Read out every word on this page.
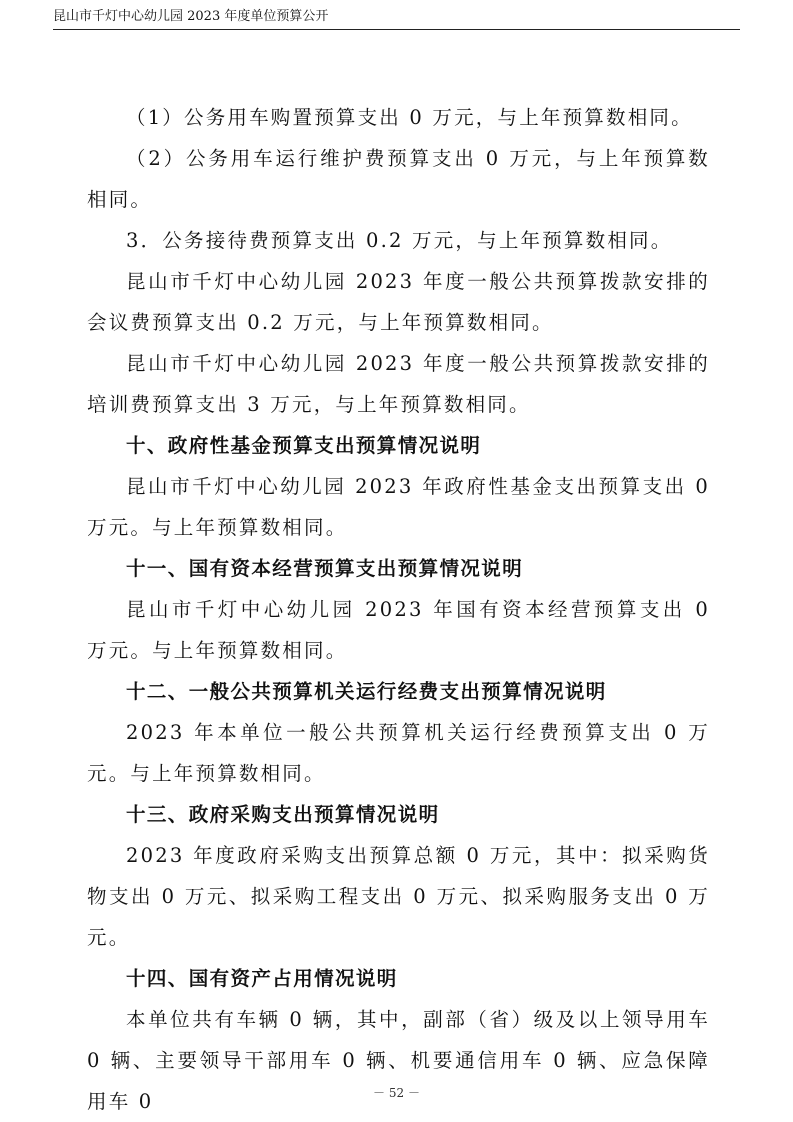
昆山市千灯中心幼儿园 2023 年度单位预算公开

（1）公务用车购置预算支出 0 万元，与上年预算数相同。

（2）公务用车运行维护费预算支出 0 万元，与上年预算数相同。

3．公务接待费预算支出 0.2 万元，与上年预算数相同。

昆山市千灯中心幼儿园 2023 年度一般公共预算拨款安排的会议费预算支出 0.2 万元，与上年预算数相同。

昆山市千灯中心幼儿园 2023 年度一般公共预算拨款安排的培训费预算支出 3 万元，与上年预算数相同。

十、政府性基金预算支出预算情况说明

昆山市千灯中心幼儿园 2023 年政府性基金支出预算支出 0 万元。与上年预算数相同。

十一、国有资本经营预算支出预算情况说明

昆山市千灯中心幼儿园 2023 年国有资本经营预算支出 0 万元。与上年预算数相同。

十二、一般公共预算机关运行经费支出预算情况说明

2023 年本单位一般公共预算机关运行经费预算支出 0 万元。与上年预算数相同。

十三、政府采购支出预算情况说明

2023 年度政府采购支出预算总额 0 万元，其中：拟采购货物支出 0 万元、拟采购工程支出 0 万元、拟采购服务支出 0 万元。

十四、国有资产占用情况说明

本单位共有车辆 0 辆，其中，副部（省）级及以上领导用车 0 辆、主要领导干部用车 0 辆、机要通信用车 0 辆、应急保障用车 0	－ 52 －
